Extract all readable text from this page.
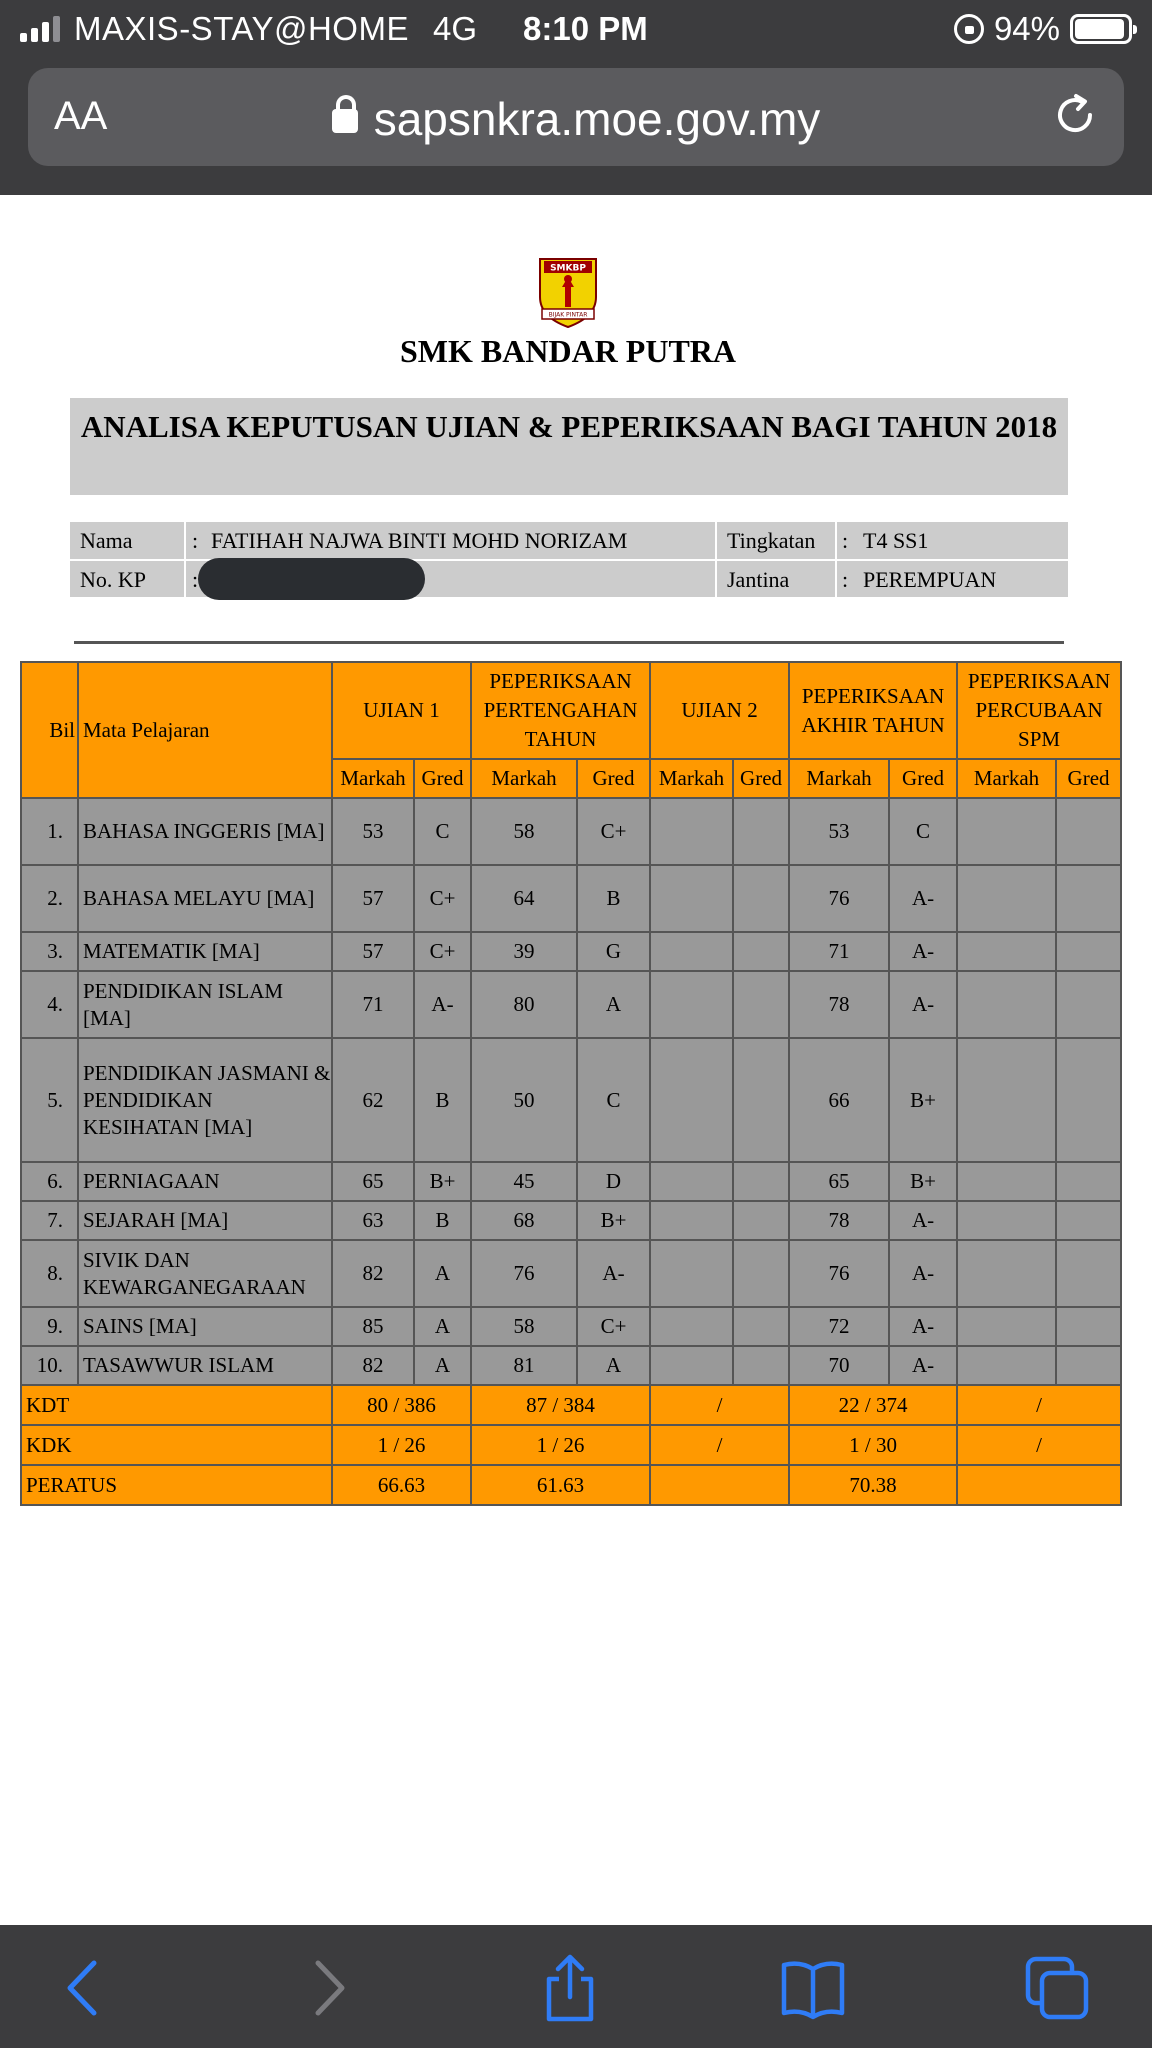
MAXIS-STAY@HOME 4G 8:10 PM	94%
AA	sapsnkra.moe.gov.my
SMKBP
BIJAK PINTAR
SMK BANDAR PUTRA
ANALISA KEPUTUSAN UJIAN & PEPERIKSAAN BAGI TAHUN 2018
Nama	: FATIHAH NAJWA BINTI MOHD NORIZAM	Tingkatan : T4 SS1
No. KP :	Jantina : PEREMPUAN
Bil	Mata Pelajaran	UJIAN 1		PEPERIKSAAN PERTENGAHAN TAHUN		UJIAN 2		PEPERIKSAAN AKHIR TAHUN		PEPERIKSAAN PERCUBAAN SPM	
		Markah	Gred	Markah	Gred	Markah	Gred	Markah	Gred	Markah	Gred
1.	BAHASA INGGERIS [MA]	53	C	58	C+			53	C		
2.	BAHASA MELAYU [MA]	57	C+	64	B			76	A-		
3.	MATEMATIK [MA]	57	C+	39	G			71	A-		
4.	PENDIDIKAN ISLAM [MA]	71	A-	80	A			78	A-		
5.	PENDIDIKAN JASMANI & PENDIDIKAN KESIHATAN [MA]	62	B	50	C			66	B+		
6.	PERNIAGAAN	65	B+	45	D			65	B+		
7.	SEJARAH [MA]	63	B	68	B+			78	A-		
8.	SIVIK DAN KEWARGANEGARAAN	82	A	76	A-			76	A-		
9.	SAINS [MA]	85	A	58	C+			72	A-		
10.	TASAWWUR ISLAM	82	A	81	A			70	A-		
KDT		80 / 386		87 / 384		/		22 / 374		/	
KDK		1 / 26		1 / 26		/		1 / 30		/	
PERATUS		66.63		61.63				70.38			
